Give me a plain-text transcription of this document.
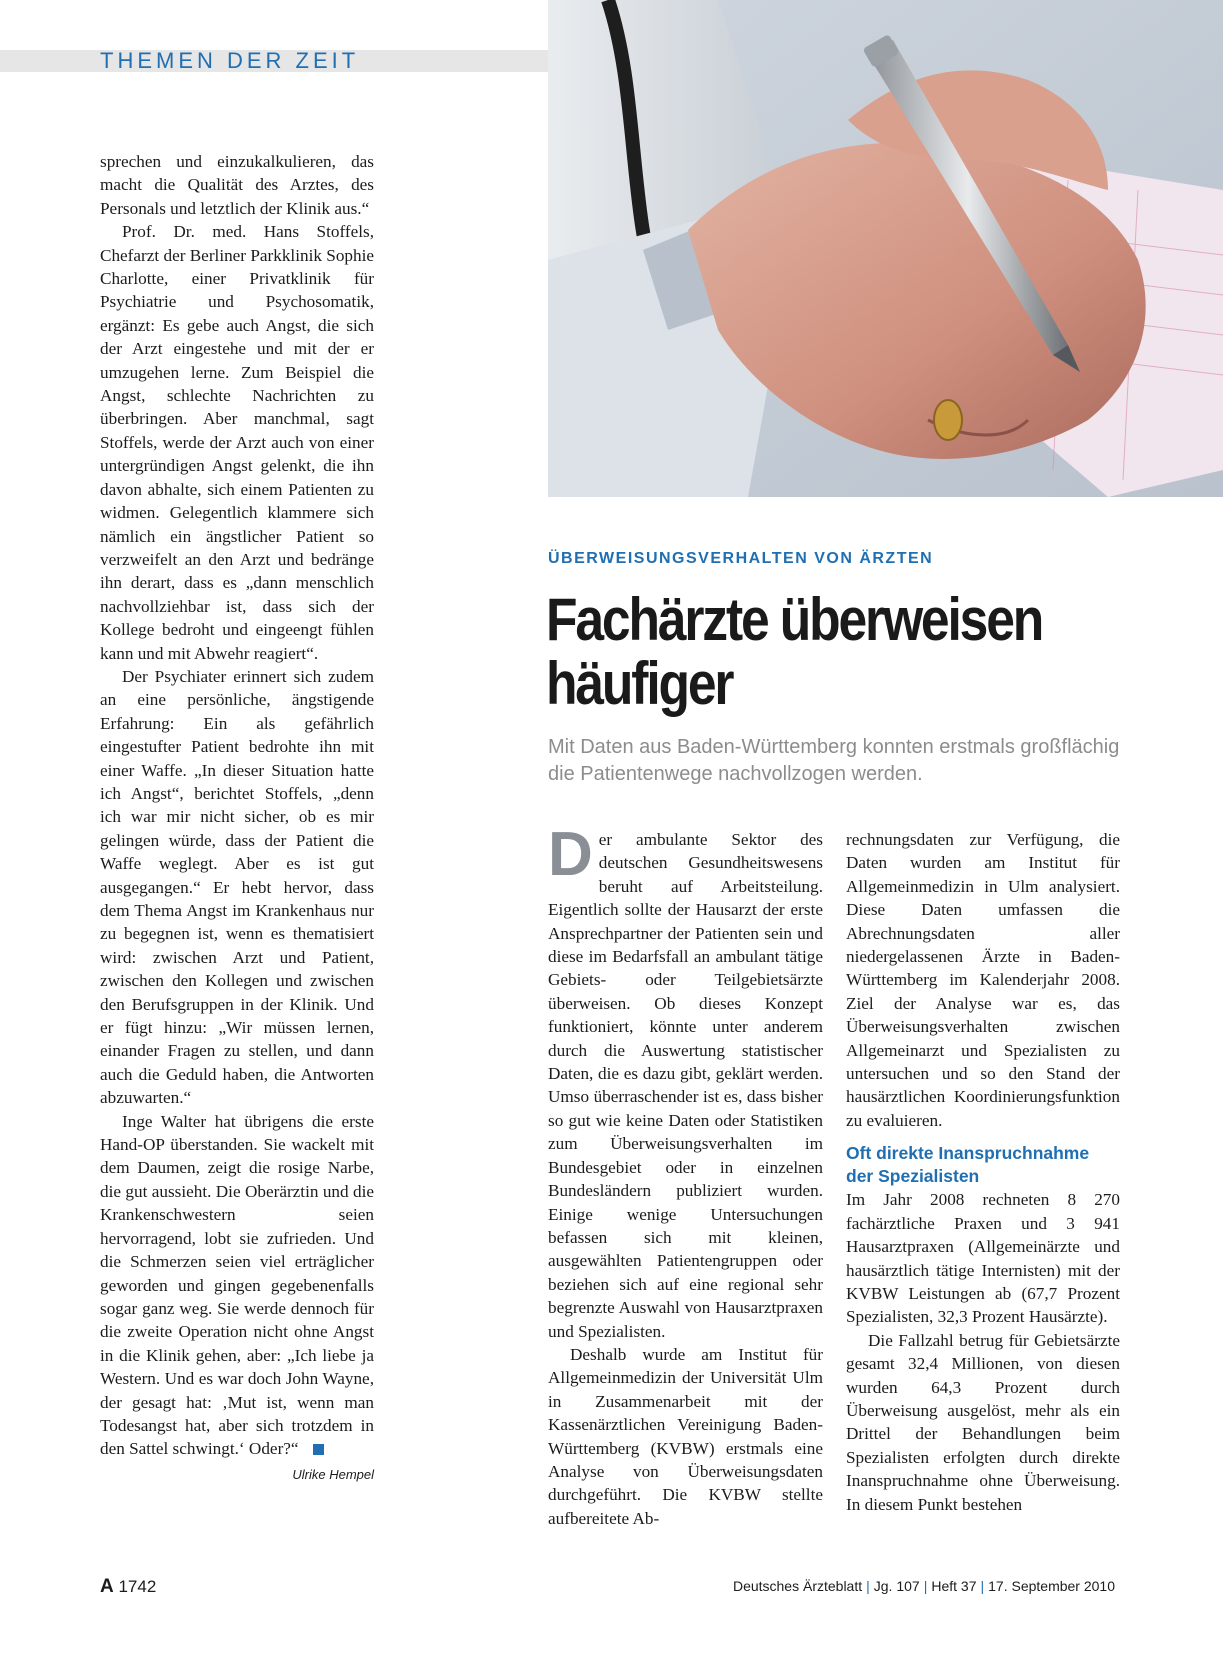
THEMEN DER ZEIT

sprechen und einzukalkulieren, das macht die Qualität des Arztes, des Personals und letztlich der Klinik aus.“

Prof. Dr. med. Hans Stoffels, Chefarzt der Berliner Parkklinik Sophie Charlotte, einer Privatklinik für Psychiatrie und Psychosomatik, ergänzt: Es gebe auch Angst, die sich der Arzt eingestehe und mit der er umzugehen lerne. Zum Beispiel die Angst, schlechte Nachrichten zu überbringen. Aber manchmal, sagt Stoffels, werde der Arzt auch von einer untergründigen Angst gelenkt, die ihn davon abhalte, sich einem Patienten zu widmen. Gelegentlich klammere sich nämlich ein ängstlicher Patient so verzweifelt an den Arzt und bedränge ihn derart, dass es „dann menschlich nachvollziehbar ist, dass sich der Kollege bedroht und eingeengt fühlen kann und mit Abwehr reagiert“.

Der Psychiater erinnert sich zudem an eine persönliche, ängstigende Erfahrung: Ein als gefährlich eingestufter Patient bedrohte ihn mit einer Waffe. „In dieser Situation hatte ich Angst“, berichtet Stoffels, „denn ich war mir nicht sicher, ob es mir gelingen würde, dass der Patient die Waffe weglegt. Aber es ist gut ausgegangen.“ Er hebt hervor, dass dem Thema Angst im Krankenhaus nur zu begegnen ist, wenn es thematisiert wird: zwischen Arzt und Patient, zwischen den Kollegen und zwischen den Berufsgruppen in der Klinik. Und er fügt hinzu: „Wir müssen lernen, einander Fragen zu stellen, und dann auch die Geduld haben, die Antworten abzuwarten.“

Inge Walter hat übrigens die erste Hand-OP überstanden. Sie wackelt mit dem Daumen, zeigt die rosige Narbe, die gut aussieht. Die Oberärztin und die Krankenschwestern seien hervorragend, lobt sie zufrieden. Und die Schmerzen seien viel erträglicher geworden und gingen gegebenenfalls sogar ganz weg. Sie werde dennoch für die zweite Operation nicht ohne Angst in die Klinik gehen, aber: „Ich liebe ja Western. Und es war doch John Wayne, der gesagt hat: ‚Mut ist, wenn man Todesangst hat, aber sich trotzdem in den Sattel schwingt.‘ Oder?“

Ulrike Hempel
ÜBERWEISUNGSVERHALTEN VON ÄRZTEN
Fachärzte überweisen häufiger
Mit Daten aus Baden-Württemberg konnten erstmals großflächig die Patientenwege nachvollzogen werden.

Der ambulante Sektor des deutschen Gesundheitswesens beruht auf Arbeitsteilung. Eigentlich sollte der Hausarzt der erste Ansprechpartner der Patienten sein und diese im Bedarfsfall an ambulant tätige Gebiets- oder Teilgebietsärzte überweisen. Ob dieses Konzept funktioniert, könnte unter anderem durch die Auswertung statistischer Daten, die es dazu gibt, geklärt werden. Umso überraschender ist es, dass bisher so gut wie keine Daten oder Statistiken zum Überweisungsverhalten im Bundesgebiet oder in einzelnen Bundesländern publiziert wurden. Einige wenige Untersuchungen befassen sich mit kleinen, ausgewählten Patientengruppen oder beziehen sich auf eine regional sehr begrenzte Auswahl von Hausarztpraxen und Spezialisten.

Deshalb wurde am Institut für Allgemeinmedizin der Universität Ulm in Zusammenarbeit mit der Kassenärztlichen Vereinigung Baden-Württemberg (KVBW) erstmals eine Analyse von Überweisungsdaten durchgeführt. Die KVBW stellte aufbereitete Ab-

rechnungsdaten zur Verfügung, die Daten wurden am Institut für Allgemeinmedizin in Ulm analysiert. Diese Daten umfassen die Abrechnungsdaten aller niedergelassenen Ärzte in Baden-Württemberg im Kalenderjahr 2008. Ziel der Analyse war es, das Überweisungsverhalten zwischen Allgemeinarzt und Spezialisten zu untersuchen und so den Stand der hausärztlichen Koordinierungsfunktion zu evaluieren.

Oft direkte Inanspruchnahme der Spezialisten

Im Jahr 2008 rechneten 8 270 fachärztliche Praxen und 3 941 Hausarztpraxen (Allgemeinärzte und hausärztlich tätige Internisten) mit der KVBW Leistungen ab (67,7 Prozent Spezialisten, 32,3 Prozent Hausärzte).

Die Fallzahl betrug für Gebietsärzte gesamt 32,4 Millionen, von diesen wurden 64,3 Prozent durch Überweisung ausgelöst, mehr als ein Drittel der Behandlungen beim Spezialisten erfolgten durch direkte Inanspruchnahme ohne Überweisung. In diesem Punkt bestehen

A 1742	Deutsches Ärzteblatt | Jg. 107 | Heft 37 | 17. September 2010
